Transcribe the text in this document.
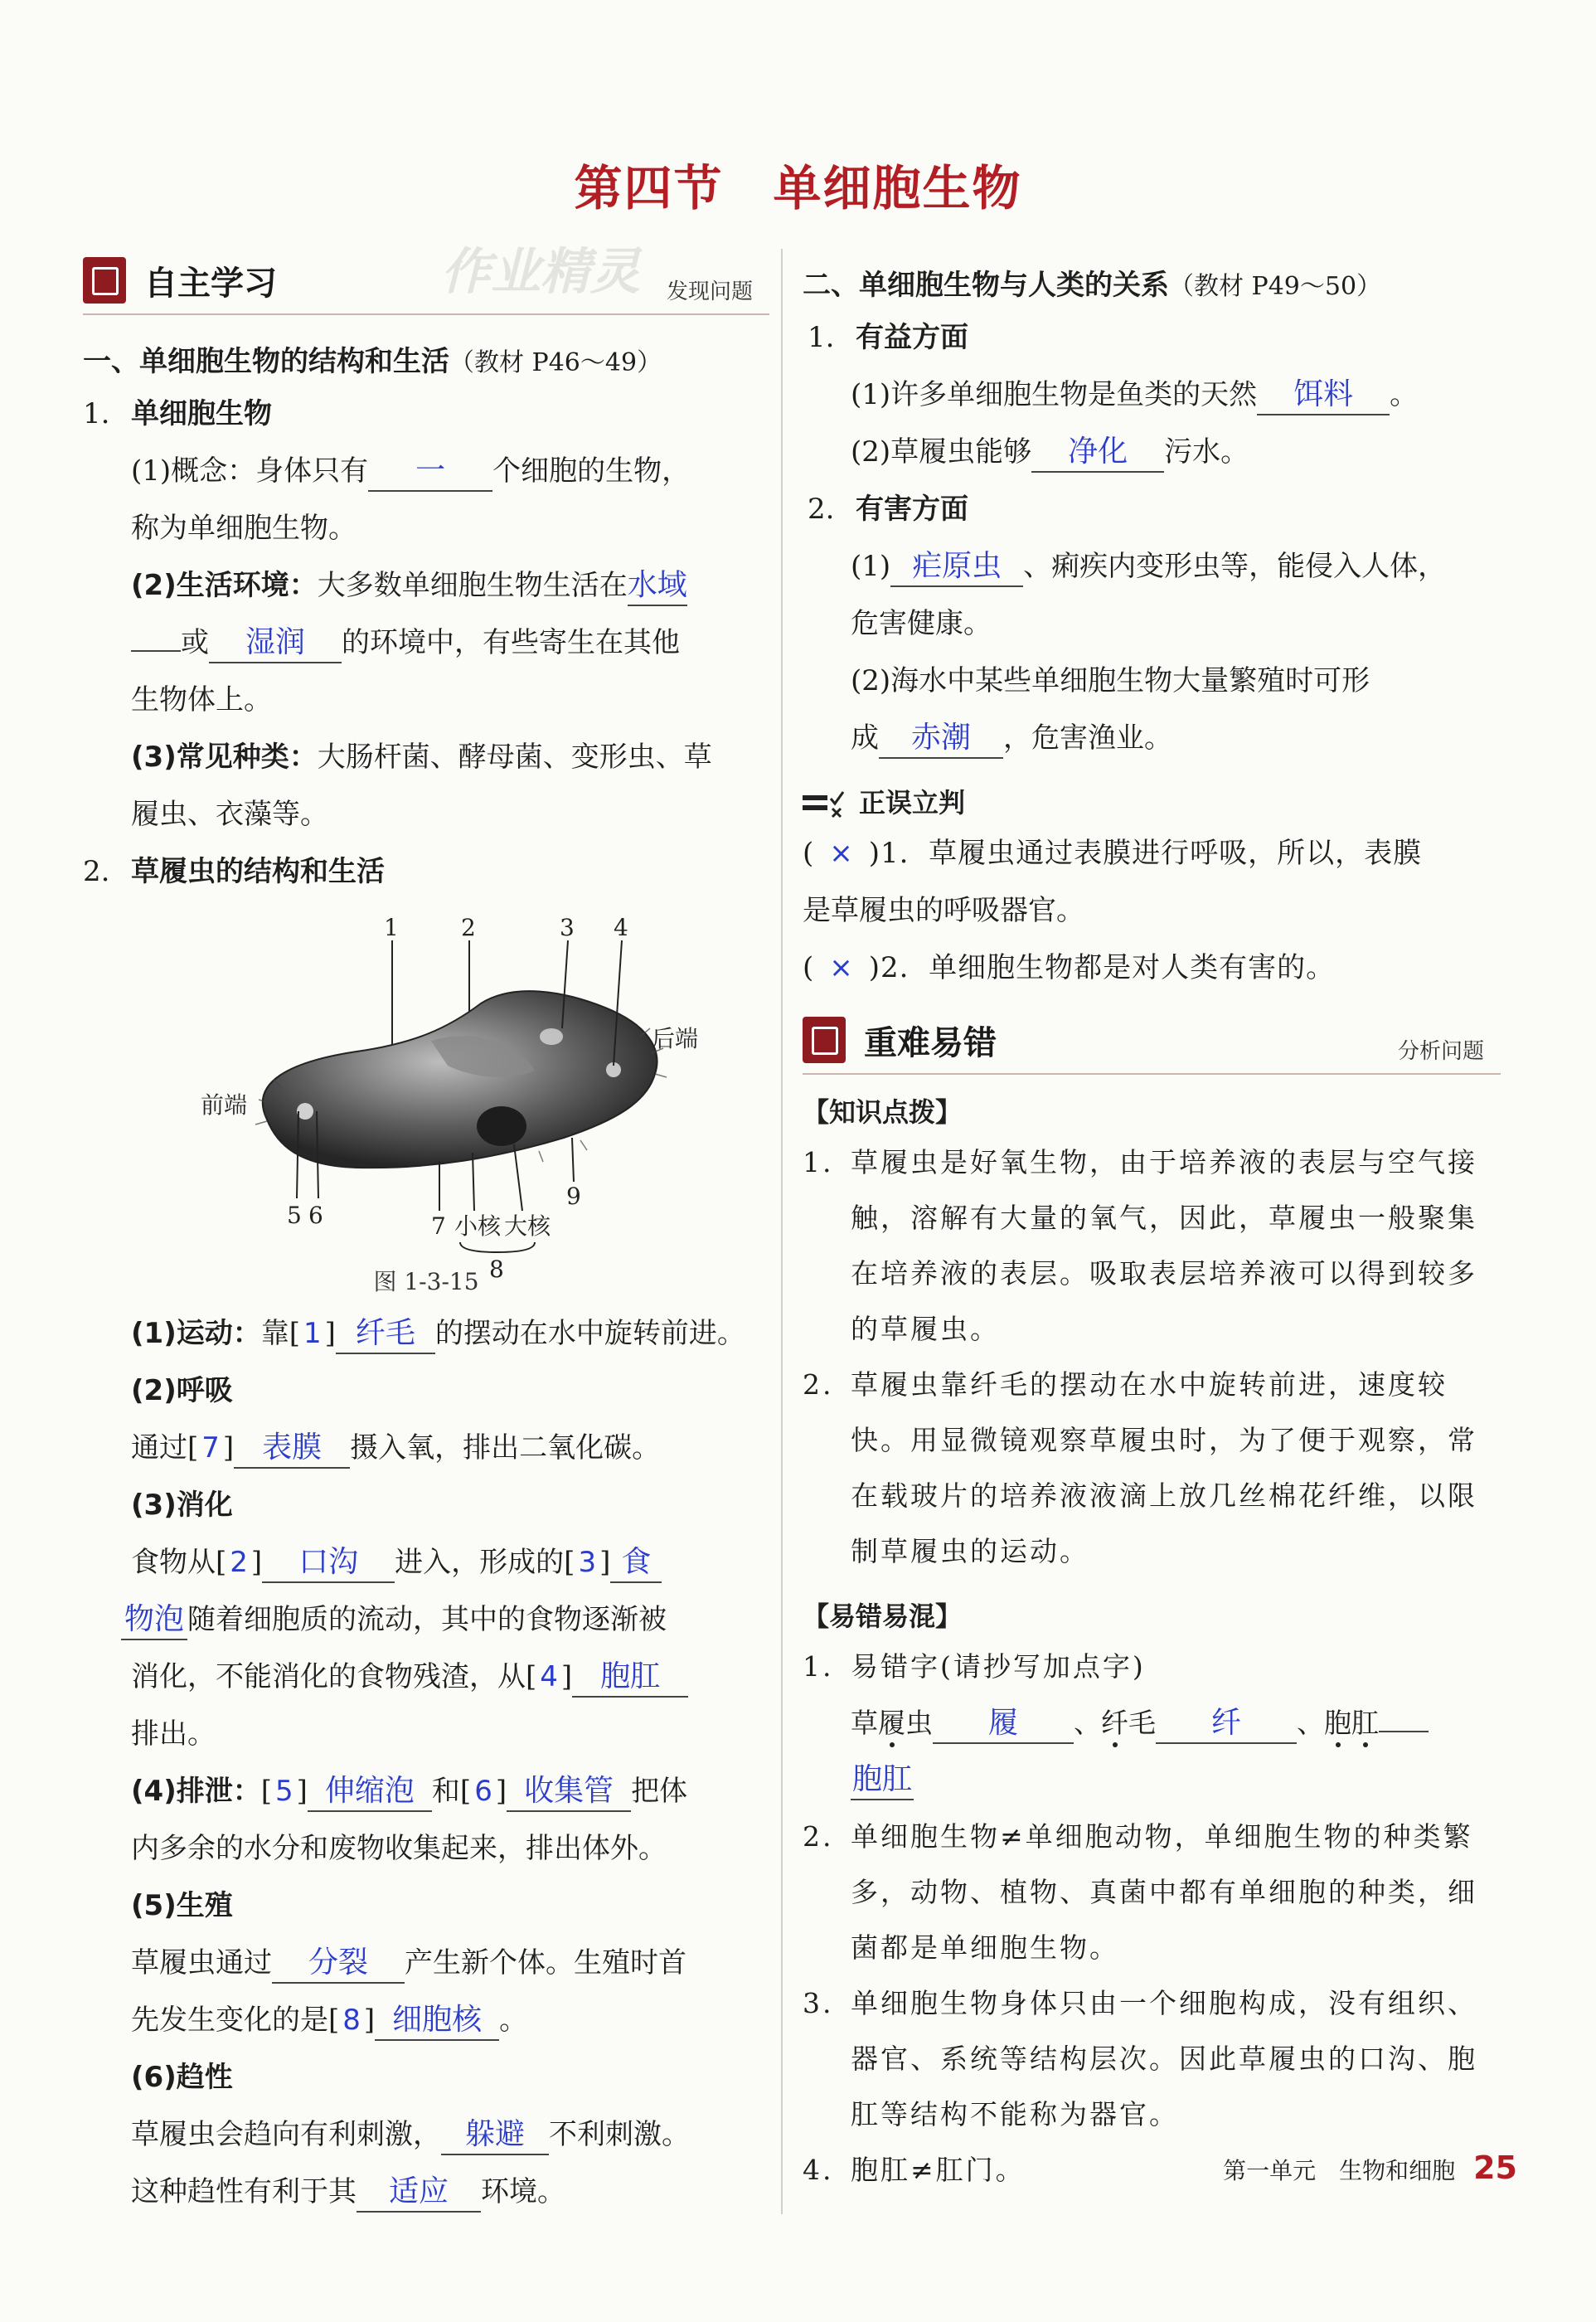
第四节　单细胞生物
自主学习	作业精灵 发现问题
一、单细胞生物的结构和生活（教材 P46～49）
1. 单细胞生物
(1)概念：身体只有 一 个细胞的生物，
称为单细胞生物。
(2)生活环境：大多数单细胞生物生活在水域
或 湿润 的环境中，有些寄生在其他
生物体上。
(3)常见种类：大肠杆菌、酵母菌、变形虫、草
履虫、衣藻等。
2. 草履虫的结构和生活
1	2	3 4
前端
后端
5 6	7 小核 大核
8
9
图 1-3-15
(1)运动：靠[ 1 ] 纤毛 的摆动在水中旋转前进。
(2)呼吸
通过[ 7 ] 表膜 摄入氧，排出二氧化碳。
(3)消化
食物从[ 2 ] 口沟 进入，形成的[ 3 ] 食
物泡 随着细胞质的流动，其中的食物逐渐被
消化，不能消化的食物残渣，从[ 4 ] 胞肛
排出。
(4)排泄：[ 5 ] 伸缩泡 和[ 6 ] 收集管 把体
内多余的水分和废物收集起来，排出体外。
(5)生殖
草履虫通过 分裂 产生新个体。生殖时首
先发生变化的是[ 8 ] 细胞核 。
(6)趋性
草履虫会趋向有利刺激， 躲避 不利刺激。
这种趋性有利于其 适应 环境。
二、单细胞生物与人类的关系（教材 P49～50）
1. 有益方面
(1)许多单细胞生物是鱼类的天然 饵料 。
(2)草履虫能够 净化 污水。
2. 有害方面
(1) 疟原虫 、痢疾内变形虫等，能侵入人体，
危害健康。
(2)海水中某些单细胞生物大量繁殖时可形
成 赤潮 ，危害渔业。
正误立判
( × )1. 草履虫通过表膜进行呼吸，所以，表膜
是草履虫的呼吸器官。
( × )2. 单细胞生物都是对人类有害的。
重难易错	分析问题
【知识点拨】
1. 草履虫是好氧生物，由于培养液的表层与空气接触，溶解有大量的氧气，因此，草履虫一般聚集在培养液的表层。吸取表层培养液可以得到较多的草履虫。
2. 草履虫靠纤毛的摆动在水中旋转前进，速度较快。用显微镜观察草履虫时，为了便于观察，常在载玻片的培养液液滴上放几丝棉花纤维，以限制草履虫的运动。
【易错易混】
1. 易错字(请抄写加点字)
草履虫 履 、纤毛 纤 、胞肛
胞肛
2. 单细胞生物≠单细胞动物，单细胞生物的种类繁多，动物、植物、真菌中都有单细胞的种类，细菌都是单细胞生物。
3. 单细胞生物身体只由一个细胞构成，没有组织、器官、系统等结构层次。因此草履虫的口沟、胞肛等结构不能称为器官。
4. 胞肛≠肛门。	第一单元　生物和细胞 25
